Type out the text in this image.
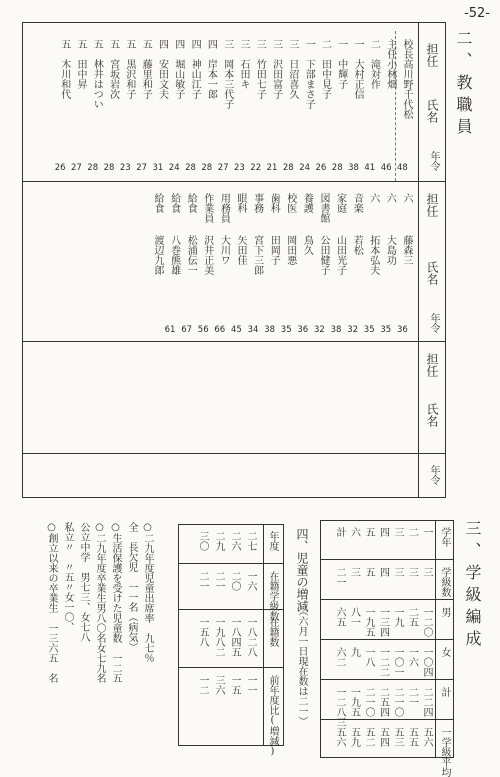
-52-
担任
氏名
年令
担任
氏名
年令
担任
氏名
年令
校長
高川野千代松
主任
小林畑
二
滝対作
一
大村正信
一
中輝子
二
田中見子
一
下部まさ子
三
日沼喜久
三
沢田富子
三
竹田七子
三
石田キ
三
岡本三代子
四
岸本一郎
四
神山江子
四
堀山敏子
四
安田文夫
五
藤里和子
五
黒沢和子
五
宮坂岩次
五
林井はつい
五
田中昇
五
木川和代
48
46
41
38
28
26
24
28
21
22
23
27
28
28
24
31
27
23
28
28
27
26
六
藤森三
六
大島功
六
拓本弘夫
音楽
若松
家庭
山田光子
図書館
公田健子
養護
鳥久
校医
岡田悪
歯科
田岡子
事務
宮下三郎
眼科
矢田佳
用務員
大川ワ
作業員
沢井正美
給食
松浦伝一
給食
八巻熊雄
給食
渡辺九郎
36
35
35
32
38
32
36
35
38
34
45
66
56
67
61
二、教職員
三、学級編成
学年
学級数
男
女
計
一学級平均
一
三
一二〇
一〇四
二二四
五六
二
三
二五
一六
二一
五五
三
三
一九
一〇一
二一〇
五三
四
四
一三四
一二二
二五四
五四
五
五
一九五
一八
二一〇
五二
六
三
八一
九
一九五
五九
計
二一
六五
六二
一二八三
五六
四、児童の増減
（六月一日現在数は二一）
年度
在籍学級数
在籍数
前年度比(増減)
二七
一六
一八二八
一一
二六
二〇
一八四五
一五
二九
二一
一九八二
三六
三〇
二一
一五八
一二
○二九年度児童出席率　九七％
全　長欠児　一一名（病気）
○生活保護を受けた児童数　一二五
○二九年度卒業生男八〇名女七九名
公立中学　男七三、女七八
私立〃　〃五〃女一〇、
○創立以来の卒業生　一三六五　名
